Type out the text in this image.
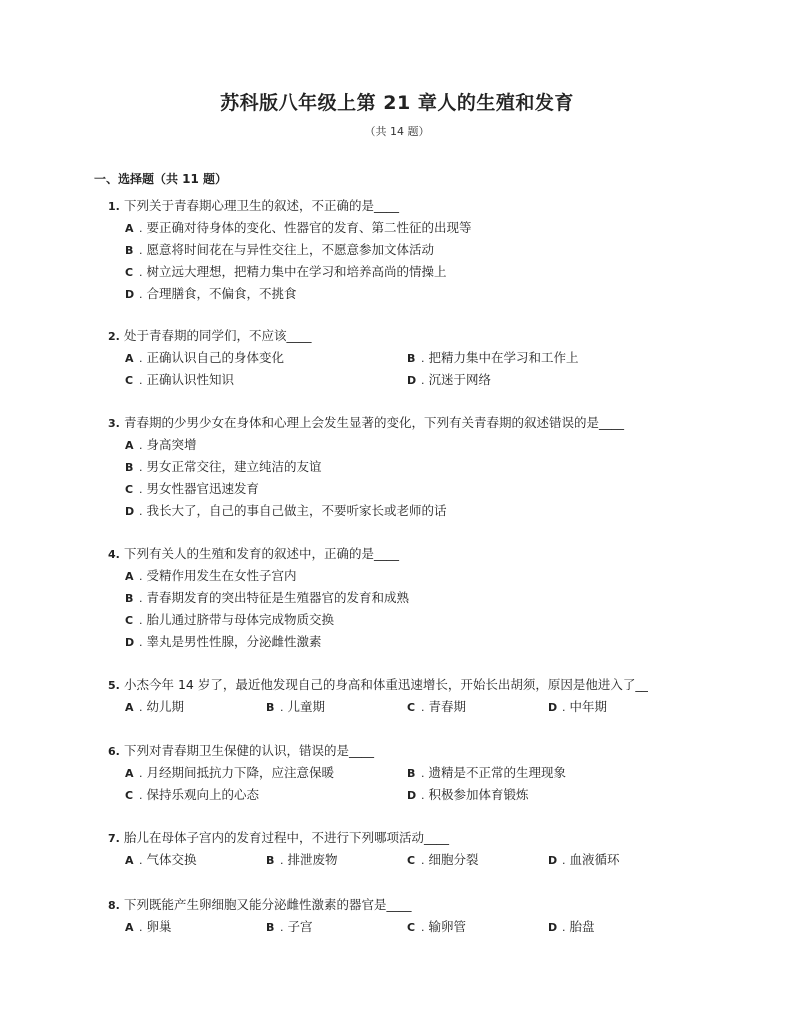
苏科版八年级上第 21 章人的生殖和发育
（共 14 题）
一、选择题（共 11 题）
1. 下列关于青春期心理卫生的叙述，不正确的是____
A . 要正确对待身体的变化、性器官的发育、第二性征的出现等
B . 愿意将时间花在与异性交往上，不愿意参加文体活动
C . 树立远大理想，把精力集中在学习和培养高尚的情操上
D . 合理膳食，不偏食，不挑食
2. 处于青春期的同学们，不应该____
A . 正确认识自己的身体变化	B . 把精力集中在学习和工作上
C . 正确认识性知识	D . 沉迷于网络
3. 青春期的少男少女在身体和心理上会发生显著的变化，下列有关青春期的叙述错误的是____
A . 身高突增
B . 男女正常交往，建立纯洁的友谊
C . 男女性器官迅速发育
D . 我长大了，自己的事自己做主，不要听家长或老师的话
4. 下列有关人的生殖和发育的叙述中，正确的是____
A . 受精作用发生在女性子宫内
B . 青春期发育的突出特征是生殖器官的发育和成熟
C . 胎儿通过脐带与母体完成物质交换
D . 睾丸是男性性腺，分泌雌性激素
5. 小杰今年 14 岁了，最近他发现自己的身高和体重迅速增长，开始长出胡须，原因是他进入了__
A . 幼儿期	B . 儿童期	C . 青春期	D . 中年期
6. 下列对青春期卫生保健的认识，错误的是____
A . 月经期间抵抗力下降，应注意保暖	B . 遗精是不正常的生理现象
C . 保持乐观向上的心态	D . 积极参加体育锻炼
7. 胎儿在母体子宫内的发育过程中，不进行下列哪项活动____
A . 气体交换	B . 排泄废物	C . 细胞分裂	D . 血液循环
8. 下列既能产生卵细胞又能分泌雌性激素的器官是____
A . 卵巢	B . 子宫	C . 输卵管	D . 胎盘
